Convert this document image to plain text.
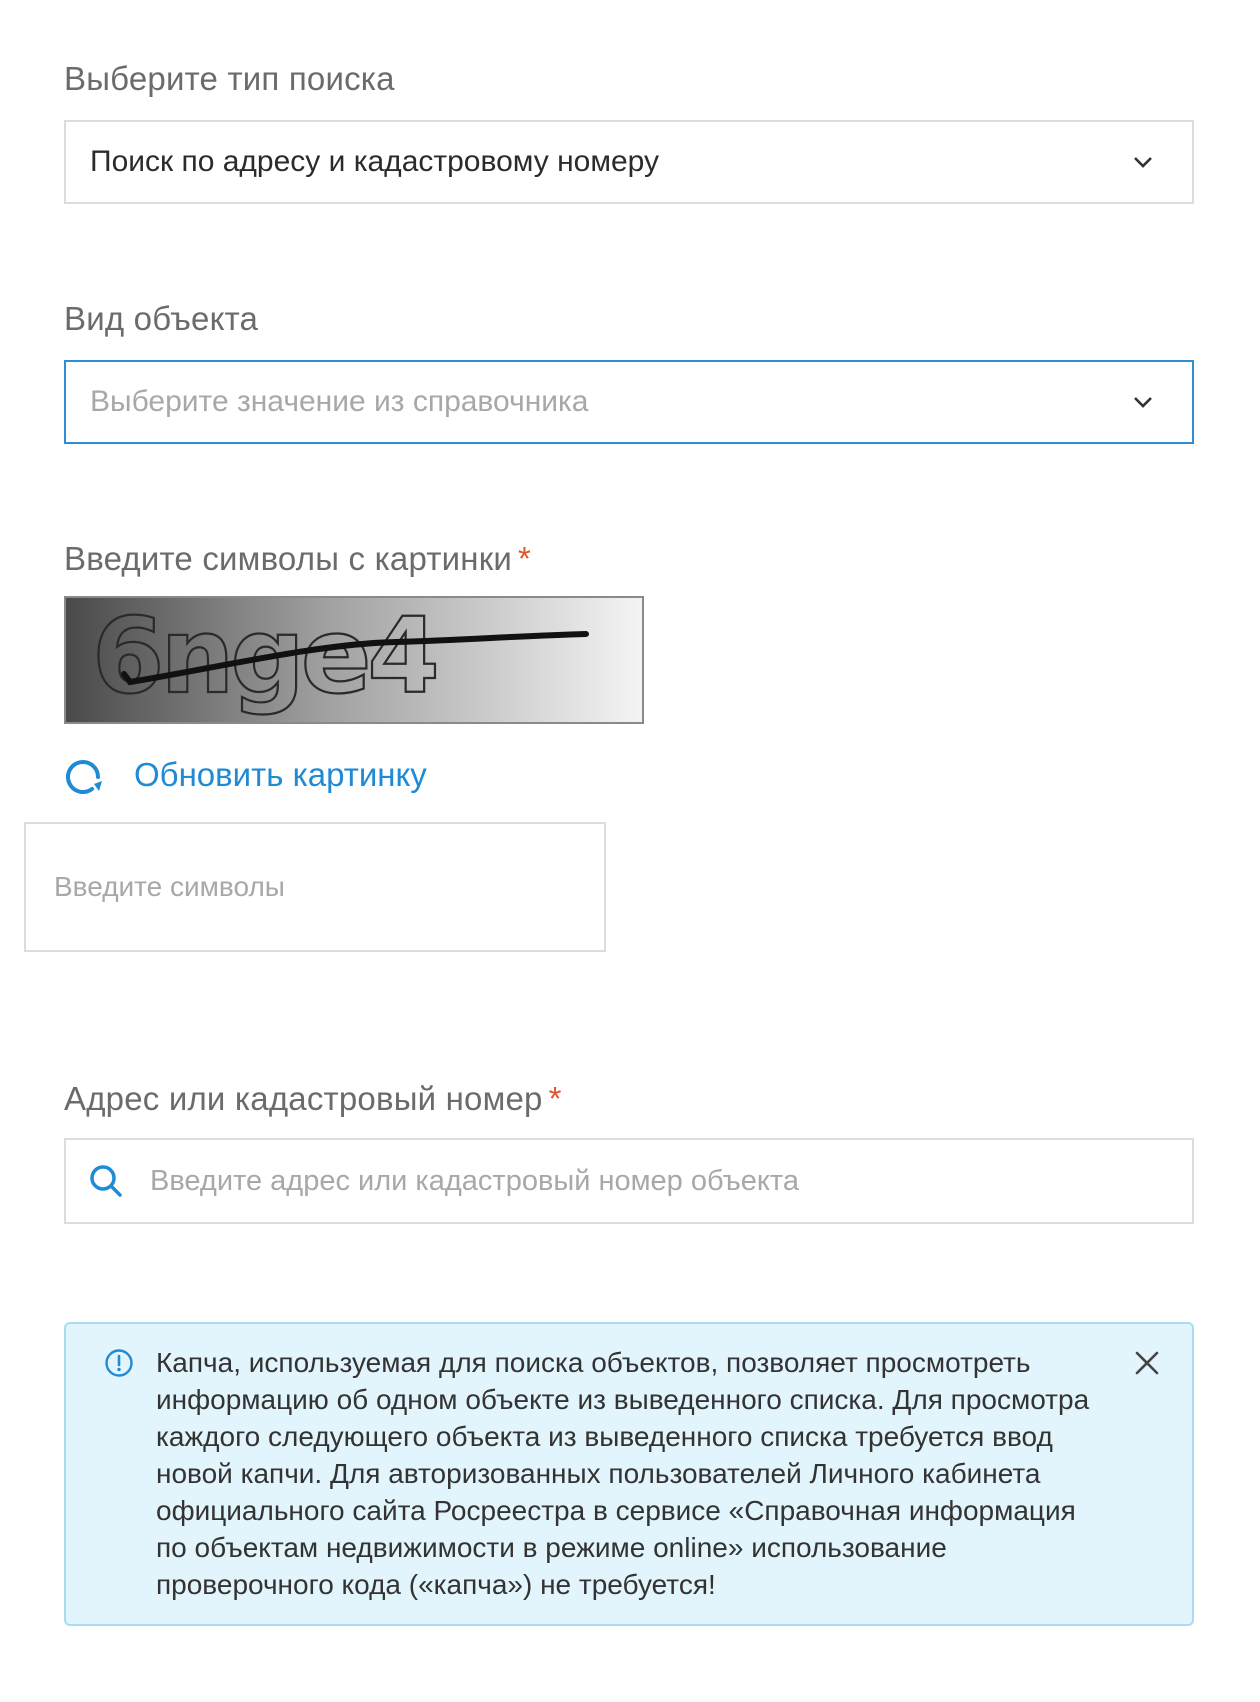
Выберите тип поиска
Поиск по адресу и кадастровому номеру
Вид объекта
Выберите значение из справочника
Введите символы с картинки *
6nge4
Обновить картинку
Введите символы
Адрес или кадастровый номер *
Введите адрес или кадастровый номер объекта
Капча, используемая для поиска объектов, позволяет просмотреть информацию об одном объекте из выведенного списка. Для просмотра каждого следующего объекта из выведенного списка требуется ввод новой капчи. Для авторизованных пользователей Личного кабинета официального сайта Росреестра в сервисе «Справочная информация по объектам недвижимости в режиме online» использование проверочного кода («капча») не требуется!
